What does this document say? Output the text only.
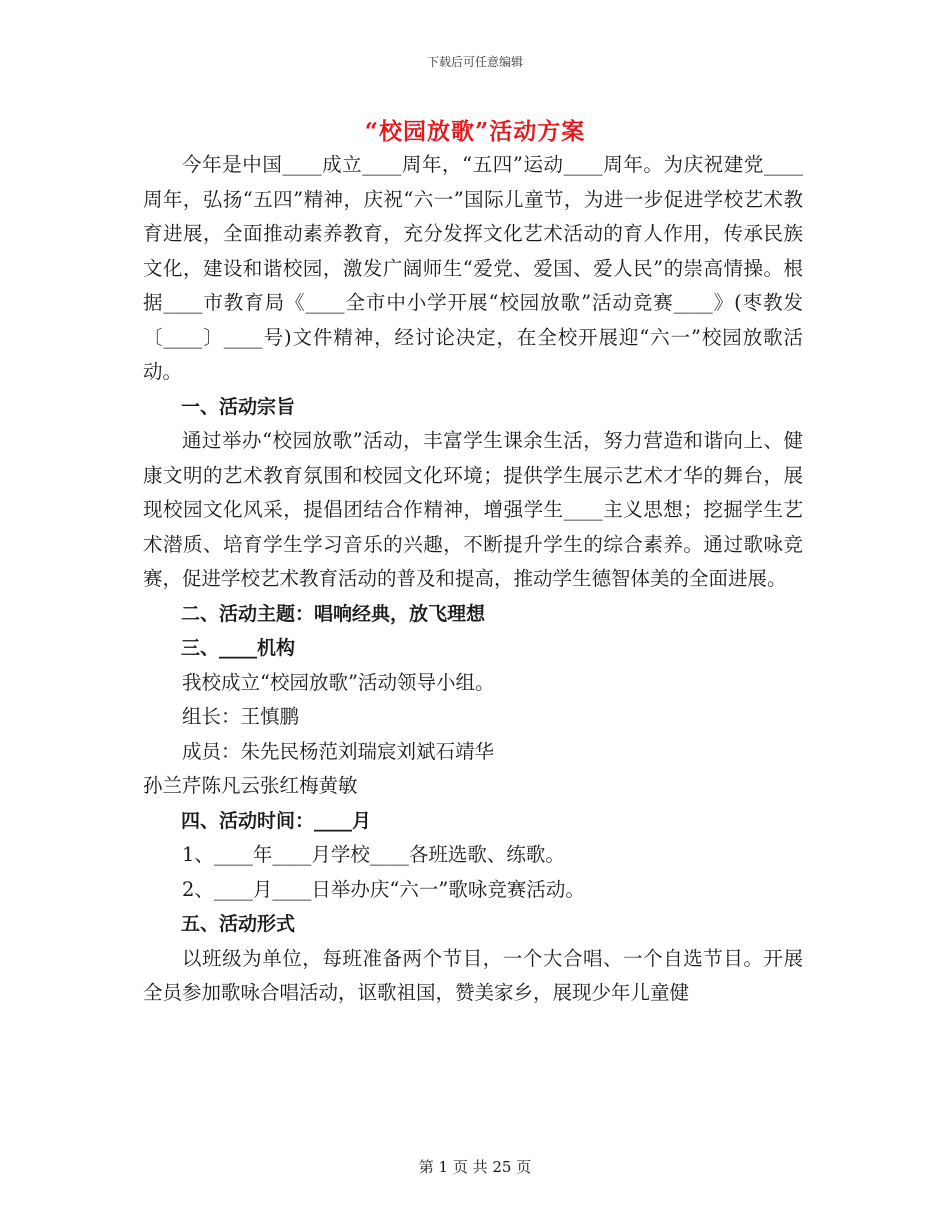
下载后可任意编辑
“校园放歌”活动方案

今年是中国____成立____周年，“五四”运动____周年。为庆祝建党____周年，弘扬“五四”精神，庆祝“六一”国际儿童节，为进一步促进学校艺术教育进展，全面推动素养教育，充分发挥文化艺术活动的育人作用，传承民族文化，建设和谐校园，激发广阔师生“爱党、爱国、爱人民”的崇高情操。根据____市教育局《____全市中小学开展“校园放歌”活动竞赛____》(枣教发〔____〕____号)文件精神，经讨论决定，在全校开展迎“六一”校园放歌活动。

一、活动宗旨

通过举办“校园放歌”活动，丰富学生课余生活，努力营造和谐向上、健康文明的艺术教育氛围和校园文化环境；提供学生展示艺术才华的舞台，展现校园文化风采，提倡团结合作精神，增强学生____主义思想；挖掘学生艺术潜质、培育学生学习音乐的兴趣，不断提升学生的综合素养。通过歌咏竞赛，促进学校艺术教育活动的普及和提高，推动学生德智体美的全面进展。

二、活动主题：唱响经典，放飞理想

三、____机构

我校成立“校园放歌”活动领导小组。

组长：王慎鹏

成员：朱先民杨范刘瑞宸刘斌石靖华

孙兰芹陈凡云张红梅黄敏

四、活动时间：____月

1、____年____月学校____各班选歌、练歌。

2、____月____日举办庆“六一”歌咏竞赛活动。

五、活动形式

以班级为单位，每班准备两个节目，一个大合唱、一个自选节目。开展全员参加歌咏合唱活动，讴歌祖国，赞美家乡，展现少年儿童健

第 1 页 共 25 页
